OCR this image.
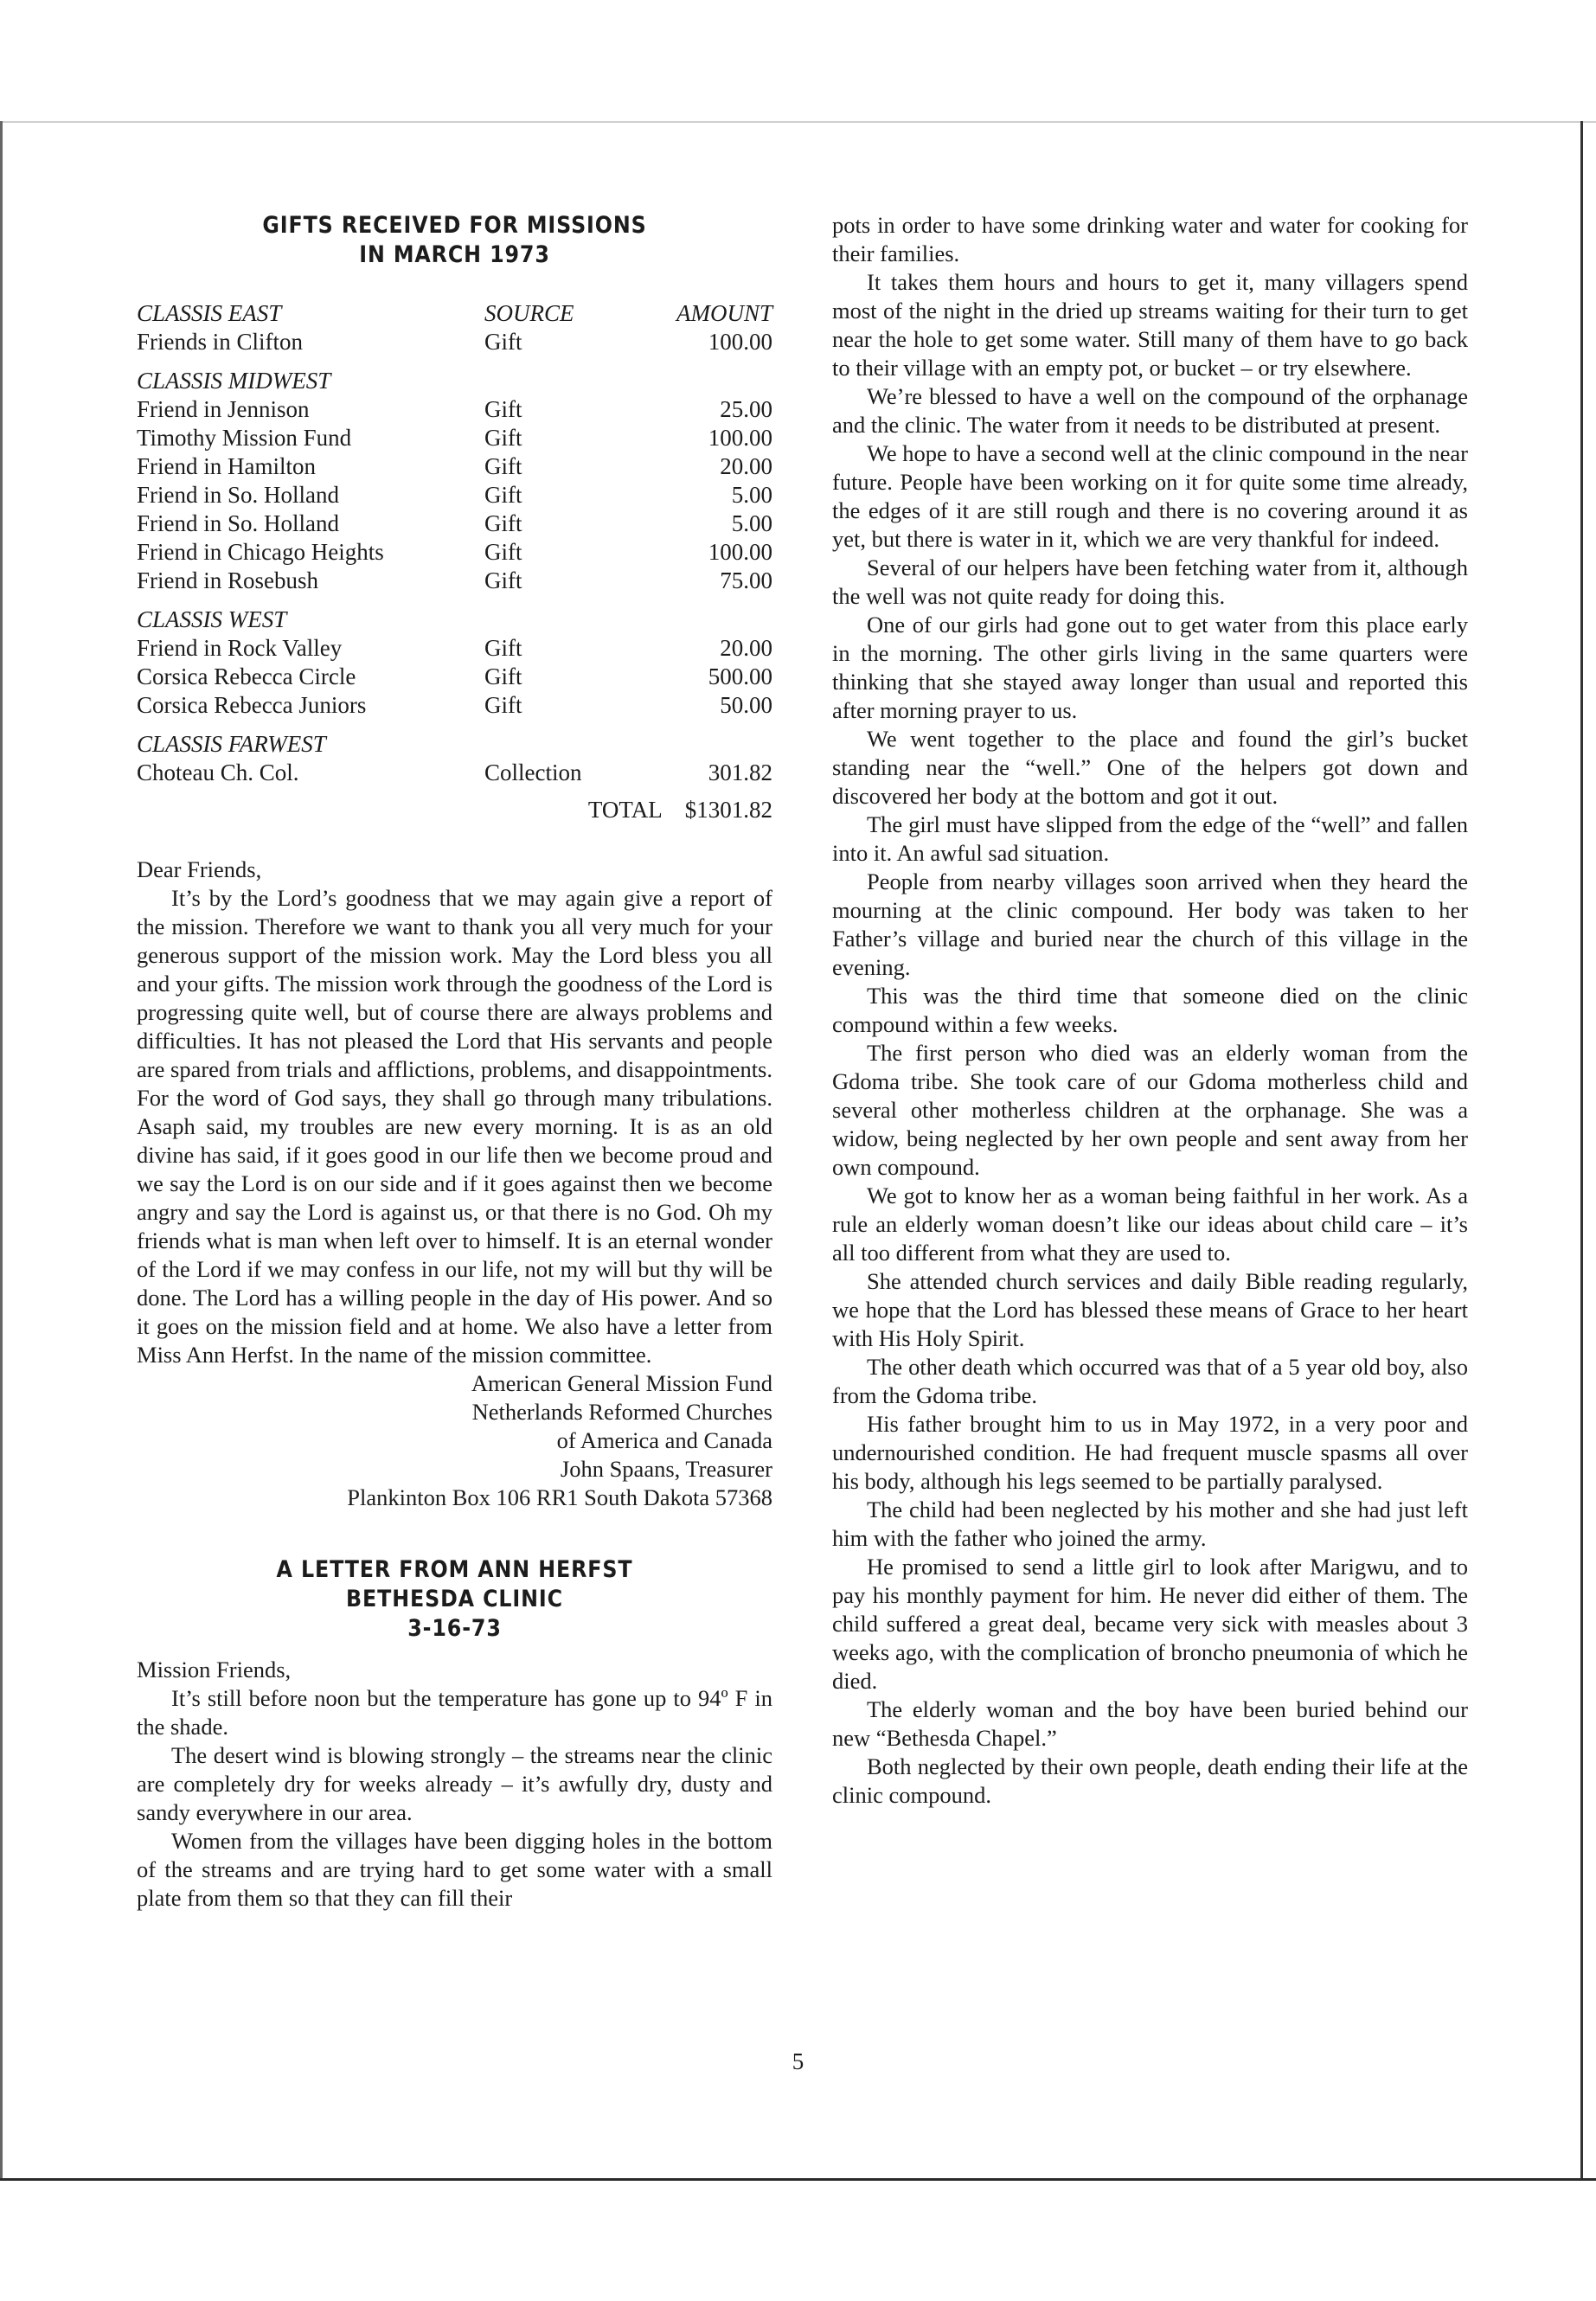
GIFTS RECEIVED FOR MISSIONS
IN MARCH 1973
CLASSIS EAST	SOURCE	AMOUNT
Friends in Clifton	Gift	100.00
CLASSIS MIDWEST
Friend in Jennison	Gift	25.00
Timothy Mission Fund	Gift	100.00
Friend in Hamilton	Gift	20.00
Friend in So. Holland	Gift	5.00
Friend in So. Holland	Gift	5.00
Friend in Chicago Heights	Gift	100.00
Friend in Rosebush	Gift	75.00
CLASSIS WEST
Friend in Rock Valley	Gift	20.00
Corsica Rebecca Circle	Gift	500.00
Corsica Rebecca Juniors	Gift	50.00
CLASSIS FARWEST
Choteau Ch. Col.	Collection	301.82
TOTAL $1301.82
Dear Friends,

It’s by the Lord’s goodness that we may again give a report of the mission. Therefore we want to thank you all very much for your generous support of the mission work. May the Lord bless you all and your gifts. The mission work through the goodness of the Lord is progressing quite well, but of course there are always problems and difficulties. It has not pleased the Lord that His servants and people are spared from trials and afflictions, problems, and disappointments. For the word of God says, they shall go through many tribulations. Asaph said, my troubles are new every morning. It is as an old divine has said, if it goes good in our life then we become proud and we say the Lord is on our side and if it goes against then we become angry and say the Lord is against us, or that there is no God. Oh my friends what is man when left over to himself. It is an eternal wonder of the Lord if we may confess in our life, not my will but thy will be done. The Lord has a willing people in the day of His power. And so it goes on the mission field and at home. We also have a letter from Miss Ann Herfst. In the name of the mission committee.

American General Mission Fund
Netherlands Reformed Churches
of America and Canada
John Spaans, Treasurer
Plankinton Box 106 RR1 South Dakota 57368
A LETTER FROM ANN HERFST
BETHESDA CLINIC
3-16-73
Mission Friends,

It’s still before noon but the temperature has gone up to 94º F in the shade.

The desert wind is blowing strongly – the streams near the clinic are completely dry for weeks already – it’s awfully dry, dusty and sandy everywhere in our area.

Women from the villages have been digging holes in the bottom of the streams and are trying hard to get some water with a small plate from them so that they can fill their

pots in order to have some drinking water and water for cooking for their families.

It takes them hours and hours to get it, many villagers spend most of the night in the dried up streams waiting for their turn to get near the hole to get some water. Still many of them have to go back to their village with an empty pot, or bucket – or try elsewhere.

We’re blessed to have a well on the compound of the orphanage and the clinic. The water from it needs to be distributed at present.

We hope to have a second well at the clinic compound in the near future. People have been working on it for quite some time already, the edges of it are still rough and there is no covering around it as yet, but there is water in it, which we are very thankful for indeed.

Several of our helpers have been fetching water from it, although the well was not quite ready for doing this.

One of our girls had gone out to get water from this place early in the morning. The other girls living in the same quarters were thinking that she stayed away longer than usual and reported this after morning prayer to us.

We went together to the place and found the girl’s bucket standing near the “well.” One of the helpers got down and discovered her body at the bottom and got it out.

The girl must have slipped from the edge of the “well” and fallen into it. An awful sad situation.

People from nearby villages soon arrived when they heard the mourning at the clinic compound. Her body was taken to her Father’s village and buried near the church of this village in the evening.

This was the third time that someone died on the clinic compound within a few weeks.

The first person who died was an elderly woman from the Gdoma tribe. She took care of our Gdoma motherless child and several other motherless children at the orphanage. She was a widow, being neglected by her own people and sent away from her own compound.

We got to know her as a woman being faithful in her work. As a rule an elderly woman doesn’t like our ideas about child care – it’s all too different from what they are used to.

She attended church services and daily Bible reading regularly, we hope that the Lord has blessed these means of Grace to her heart with His Holy Spirit.

The other death which occurred was that of a 5 year old boy, also from the Gdoma tribe.

His father brought him to us in May 1972, in a very poor and undernourished condition. He had frequent muscle spasms all over his body, although his legs seemed to be partially paralysed.

The child had been neglected by his mother and she had just left him with the father who joined the army.

He promised to send a little girl to look after Marigwu, and to pay his monthly payment for him. He never did either of them. The child suffered a great deal, became very sick with measles about 3 weeks ago, with the complication of broncho pneumonia of which he died.

The elderly woman and the boy have been buried behind our new “Bethesda Chapel.”

Both neglected by their own people, death ending their life at the clinic compound.

5
